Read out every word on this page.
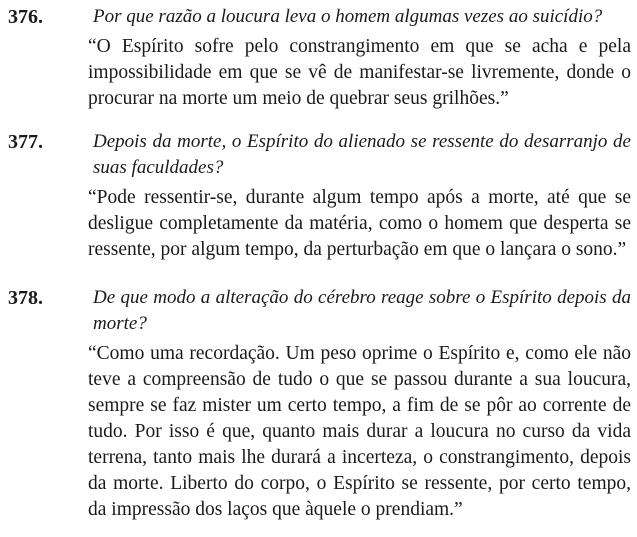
376.	Por que razão a loucura leva o homem algumas vezes ao suicídio?
“O Espírito sofre pelo constrangimento em que se acha e pela impossibilidade em que se vê de manifestar-se livremente, donde o procurar na morte um meio de quebrar seus grilhões.”
377.	Depois da morte, o Espírito do alienado se ressente do desarranjo de suas faculdades?
“Pode ressentir-se, durante algum tempo após a morte, até que se desligue completamente da matéria, como o homem que desperta se ressente, por algum tempo, da perturbação em que o lançara o sono.”
378.	De que modo a alteração do cérebro reage sobre o Espírito depois da morte?
“Como uma recordação. Um peso oprime o Espírito e, como ele não teve a compreensão de tudo o que se passou durante a sua loucura, sempre se faz mister um certo tempo, a fim de se pôr ao corrente de tudo. Por isso é que, quanto mais durar a loucura no curso da vida terrena, tanto mais lhe durará a incerteza, o constrangimento, depois da morte. Liberto do corpo, o Espírito se ressente, por certo tempo, da impressão dos laços que àquele o prendiam.”
